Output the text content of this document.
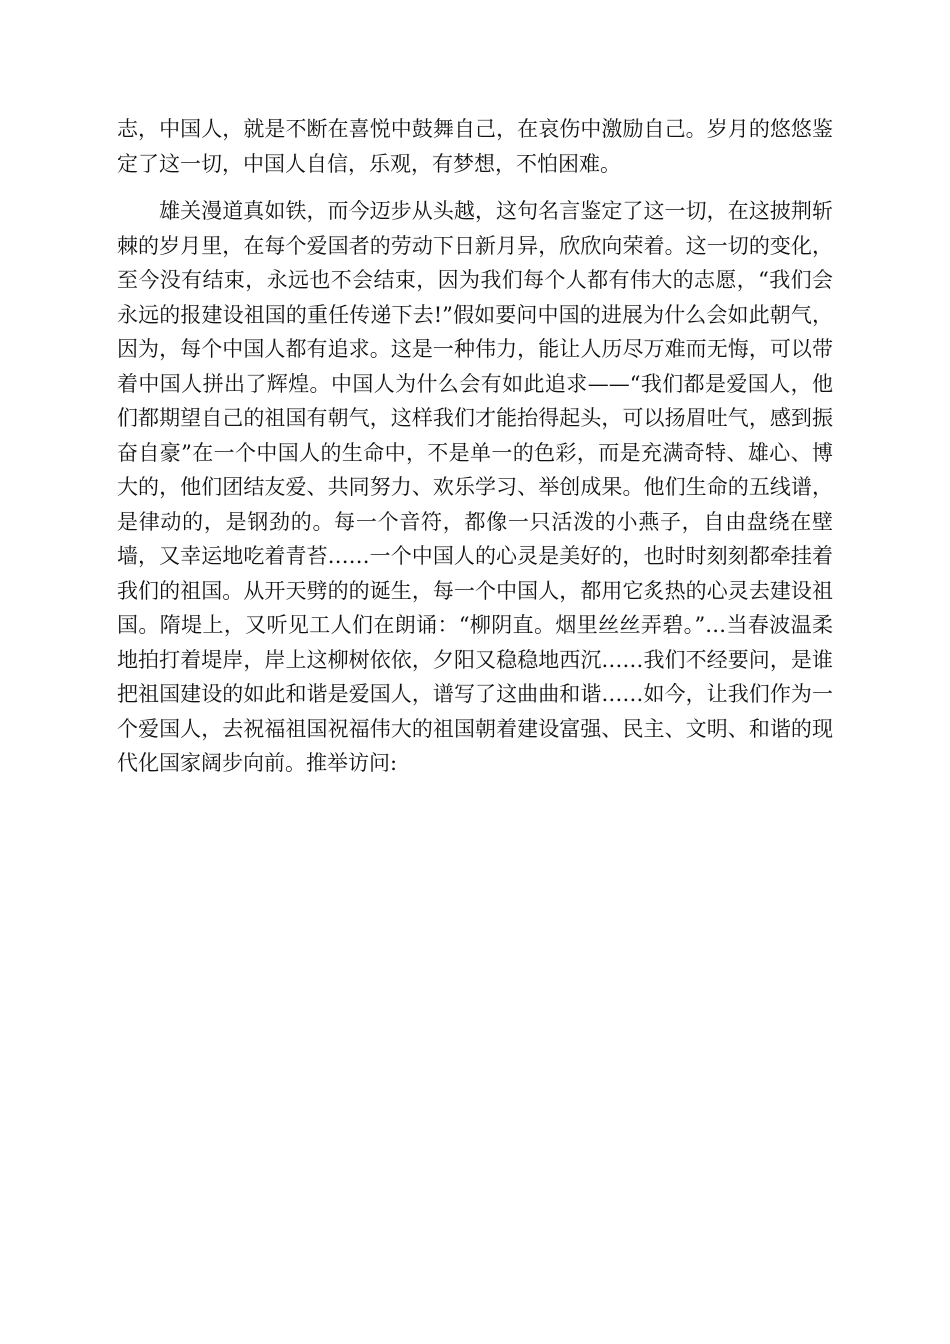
志，中国人，就是不断在喜悦中鼓舞自己，在哀伤中激励自己。岁月的悠悠鉴定了这一切，中国人自信，乐观，有梦想，不怕困难。

雄关漫道真如铁，而今迈步从头越，这句名言鉴定了这一切，在这披荆斩棘的岁月里，在每个爱国者的劳动下日新月异，欣欣向荣着。这一切的变化，至今没有结束，永远也不会结束，因为我们每个人都有伟大的志愿，“我们会永远的报建设祖国的重任传递下去!”假如要问中国的进展为什么会如此朝气，因为，每个中国人都有追求。这是一种伟力，能让人历尽万难而无悔，可以带着中国人拼出了辉煌。中国人为什么会有如此追求——“我们都是爱国人，他们都期望自己的祖国有朝气，这样我们才能抬得起头，可以扬眉吐气，感到振奋自豪”在一个中国人的生命中，不是单一的色彩，而是充满奇特、雄心、博大的，他们团结友爱、共同努力、欢乐学习、举创成果。他们生命的五线谱，是律动的，是钢劲的。每一个音符，都像一只活泼的小燕子，自由盘绕在壁墙，又幸运地吃着青苔……一个中国人的心灵是美好的，也时时刻刻都牵挂着我们的祖国。从开天劈的的诞生，每一个中国人，都用它炙热的心灵去建设祖国。隋堤上，又听见工人们在朗诵：“柳阴直。烟里丝丝弄碧。”…当春波温柔地拍打着堤岸，岸上这柳树依依，夕阳又稳稳地西沉……我们不经要问，是谁把祖国建设的如此和谐是爱国人，谱写了这曲曲和谐……如今，让我们作为一个爱国人，去祝福祖国祝福伟大的祖国朝着建设富强、民主、文明、和谐的现代化国家阔步向前。推举访问:
